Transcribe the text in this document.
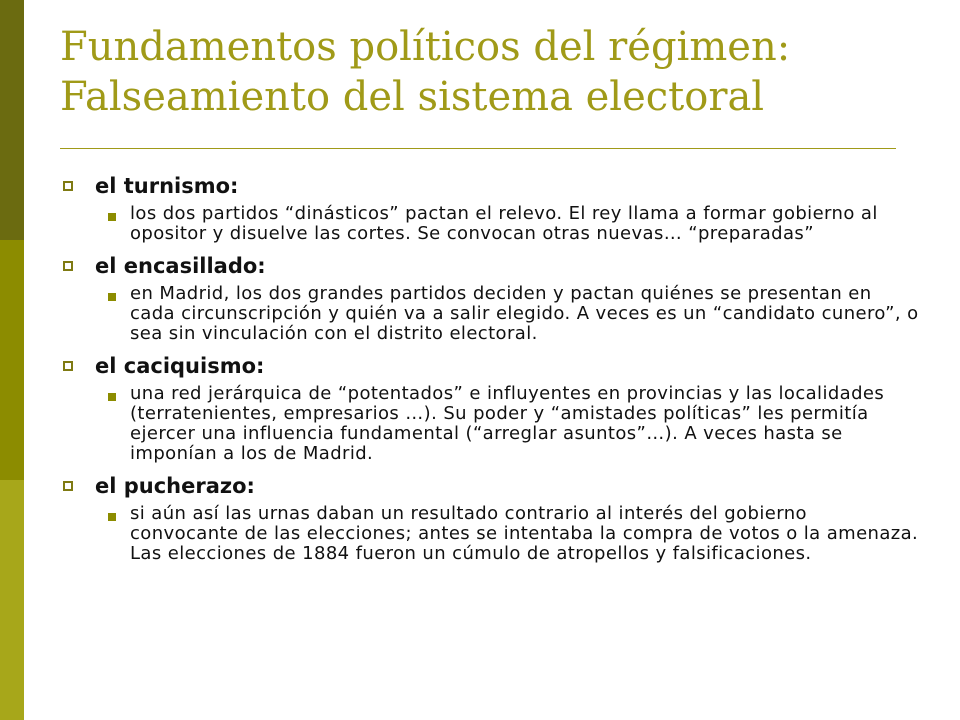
Fundamentos políticos del régimen:
Falseamiento del sistema electoral
el turnismo:
los dos partidos “dinásticos” pactan el relevo. El rey llama a formar gobierno al opositor y disuelve las cortes. Se convocan otras nuevas… “preparadas”
el encasillado:
en Madrid, los dos grandes partidos deciden y pactan quiénes se presentan en cada circunscripción y quién va a salir elegido. A veces es un “candidato cunero”, o sea sin vinculación con el distrito electoral.
el caciquismo:
una red jerárquica de “potentados” e influyentes en provincias y las localidades (terratenientes, empresarios …). Su poder y “amistades políticas” les permitía ejercer una influencia fundamental (“arreglar asuntos”…). A veces hasta se imponían a los de Madrid.
el pucherazo:
si aún así las urnas daban un resultado contrario al interés del gobierno convocante de las elecciones; antes se intentaba la compra de votos o la amenaza. Las elecciones de 1884 fueron un cúmulo de atropellos y falsificaciones.
